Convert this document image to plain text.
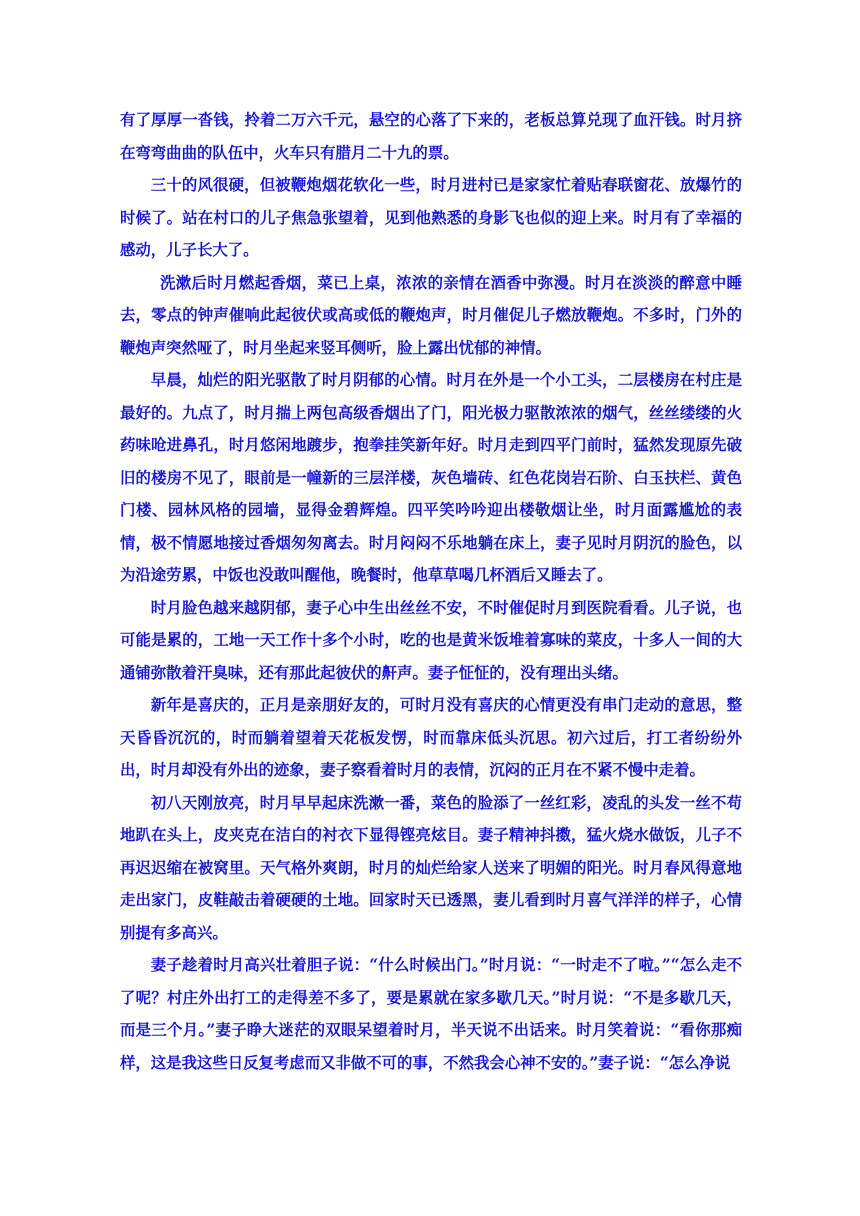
有了厚厚一沓钱，拎着二万六千元，悬空的心落了下来的，老板总算兑现了血汗钱。时月挤在弯弯曲曲的队伍中，火车只有腊月二十九的票。

三十的风很硬，但被鞭炮烟花软化一些，时月进村已是家家忙着贴春联窗花、放爆竹的时候了。站在村口的儿子焦急张望着，见到他熟悉的身影飞也似的迎上来。时月有了幸福的感动，儿子长大了。

洗漱后时月燃起香烟，菜已上桌，浓浓的亲情在酒香中弥漫。时月在淡淡的醉意中睡去，零点的钟声催响此起彼伏或高或低的鞭炮声，时月催促儿子燃放鞭炮。不多时，门外的鞭炮声突然哑了，时月坐起来竖耳侧听，脸上露出忧郁的神情。

早晨，灿烂的阳光驱散了时月阴郁的心情。时月在外是一个小工头，二层楼房在村庄是最好的。九点了，时月揣上两包高级香烟出了门，阳光极力驱散浓浓的烟气，丝丝缕缕的火药味呛进鼻孔，时月悠闲地踱步，抱拳挂笑新年好。时月走到四平门前时，猛然发现原先破旧的楼房不见了，眼前是一幢新的三层洋楼，灰色墙砖、红色花岗岩石阶、白玉扶栏、黄色门楼、园林风格的园墙，显得金碧辉煌。四平笑吟吟迎出楼敬烟让坐，时月面露尴尬的表情，极不情愿地接过香烟匆匆离去。时月闷闷不乐地躺在床上，妻子见时月阴沉的脸色，以为沿途劳累，中饭也没敢叫醒他，晚餐时，他草草喝几杯酒后又睡去了。

时月脸色越来越阴郁，妻子心中生出丝丝不安，不时催促时月到医院看看。儿子说，也可能是累的，工地一天工作十多个小时，吃的也是黄米饭堆着寡味的菜皮，十多人一间的大通铺弥散着汗臭味，还有那此起彼伏的鼾声。妻子怔怔的，没有理出头绪。

新年是喜庆的，正月是亲朋好友的，可时月没有喜庆的心情更没有串门走动的意思，整天昏昏沉沉的，时而躺着望着天花板发愣，时而靠床低头沉思。初六过后，打工者纷纷外出，时月却没有外出的迹象，妻子察看着时月的表情，沉闷的正月在不紧不慢中走着。

初八天刚放亮，时月早早起床洗漱一番，菜色的脸添了一丝红彩，凌乱的头发一丝不苟地趴在头上，皮夹克在洁白的衬衣下显得铿亮炫目。妻子精神抖擞，猛火烧水做饭，儿子不再迟迟缩在被窝里。天气格外爽朗，时月的灿烂给家人送来了明媚的阳光。时月春风得意地走出家门，皮鞋敲击着硬硬的土地。回家时天已透黑，妻儿看到时月喜气洋洋的样子，心情别提有多高兴。

妻子趁着时月高兴壮着胆子说：“什么时候出门。”时月说：“一时走不了啦。”“怎么走不了呢？村庄外出打工的走得差不多了，要是累就在家多歇几天。”时月说：“不是多歇几天，而是三个月。”妻子睁大迷茫的双眼呆望着时月，半天说不出话来。时月笑着说：“看你那痴样，这是我这些日反复考虑而又非做不可的事，不然我会心神不安的。”妻子说：“怎么净说
